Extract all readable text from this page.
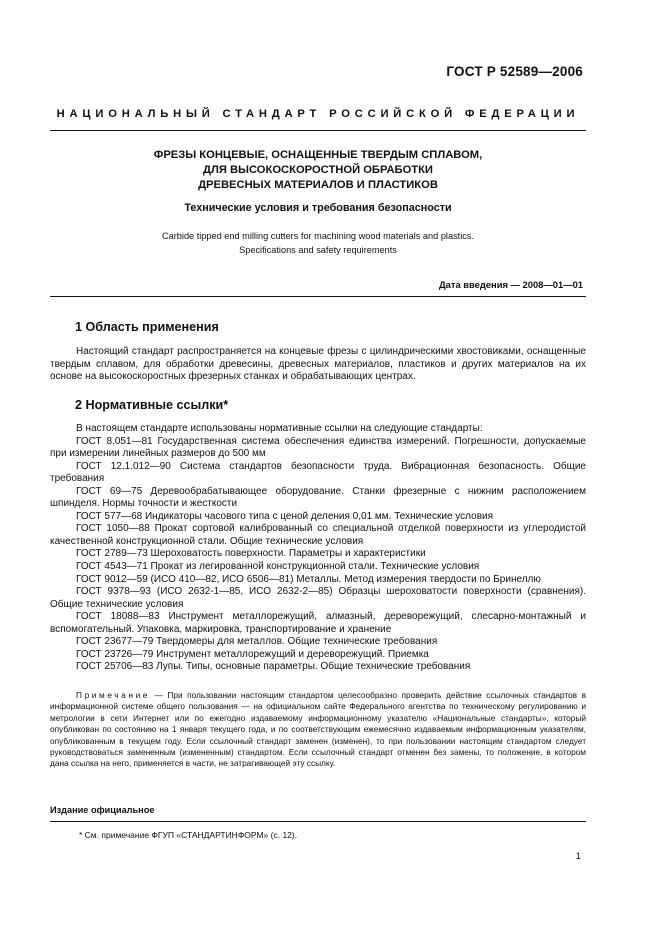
ГОСТ Р 52589—2006
НАЦИОНАЛЬНЫЙ СТАНДАРТ РОССИЙСКОЙ ФЕДЕРАЦИИ
ФРЕЗЫ КОНЦЕВЫЕ, ОСНАЩЕННЫЕ ТВЕРДЫМ СПЛАВОМ,
ДЛЯ ВЫСОКОСКОРОСТНОЙ ОБРАБОТКИ
ДРЕВЕСНЫХ МАТЕРИАЛОВ И ПЛАСТИКОВ
Технические условия и требования безопасности
Carbide tipped end milling cutters for machining wood materials and plastics.
Specifications and safety requirements
Дата введения — 2008—01—01
1 Область применения
Настоящий стандарт распространяется на концевые фрезы с цилиндрическими хвостовиками, оснащенные твердым сплавом, для обработки древесины, древесных материалов, пластиков и других материалов на их основе на высокоскоростных фрезерных станках и обрабатывающих центрах.
2 Нормативные ссылки*

В настоящем стандарте использованы нормативные ссылки на следующие стандарты:

ГОСТ 8.051—81 Государственная система обеспечения единства измерений. Погрешности, допускаемые при измерении линейных размеров до 500 мм

ГОСТ 12.1.012—90 Система стандартов безопасности труда. Вибрационная безопасность. Общие требования

ГОСТ 69—75 Деревообрабатывающее оборудование. Станки фрезерные с нижним расположением шпинделя. Нормы точности и жесткости

ГОСТ 577—68 Индикаторы часового типа с ценой деления 0,01 мм. Технические условия

ГОСТ 1050—88 Прокат сортовой калиброванный со специальной отделкой поверхности из углеродистой качественной конструкционной стали. Общие технические условия

ГОСТ 2789—73 Шероховатость поверхности. Параметры и характеристики

ГОСТ 4543—71 Прокат из легированной конструкционной стали. Технические условия

ГОСТ 9012—59 (ИСО 410—82, ИСО 6506—81) Металлы. Метод измерения твердости по Бринеллю

ГОСТ 9378—93 (ИСО 2632-1—85, ИСО 2632-2—85) Образцы шероховатости поверхности (сравнения). Общие технические условия

ГОСТ 18088—83 Инструмент металлорежущий, алмазный, дереворежущий, слесарно-монтажный и вспомогательный. Упаковка, маркировка, транспортирование и хранение

ГОСТ 23677—79 Твердомеры для металлов. Общие технические требования

ГОСТ 23726—79 Инструмент металлорежущий и дереворежущий. Приемка

ГОСТ 25706—83 Лупы. Типы, основные параметры. Общие технические требования

Примечание — При пользовании настоящим стандартом целесообразно проверить действие ссылочных стандартов в информационной системе общего пользования — на официальном сайте Федерального агентства по техническому регулированию и метрологии в сети Интернет или по ежегодно издаваемому информационному указателю «Национальные стандарты», который опубликован по состоянию на 1 января текущего года, и по соответствующим ежемесячно издаваемым информационным указателям, опубликованным в текущем году. Если ссылочный стандарт заменен (изменен), то при пользовании настоящим стандартом следует руководствоваться замененным (измененным) стандартом. Если ссылочный стандарт отменен без замены, то положение, в котором дана ссылка на него, применяется в части, не затрагивающей эту ссылку.
Издание официальное
* См. примечание ФГУП «СТАНДАРТИНФОРМ» (с. 12).
1
